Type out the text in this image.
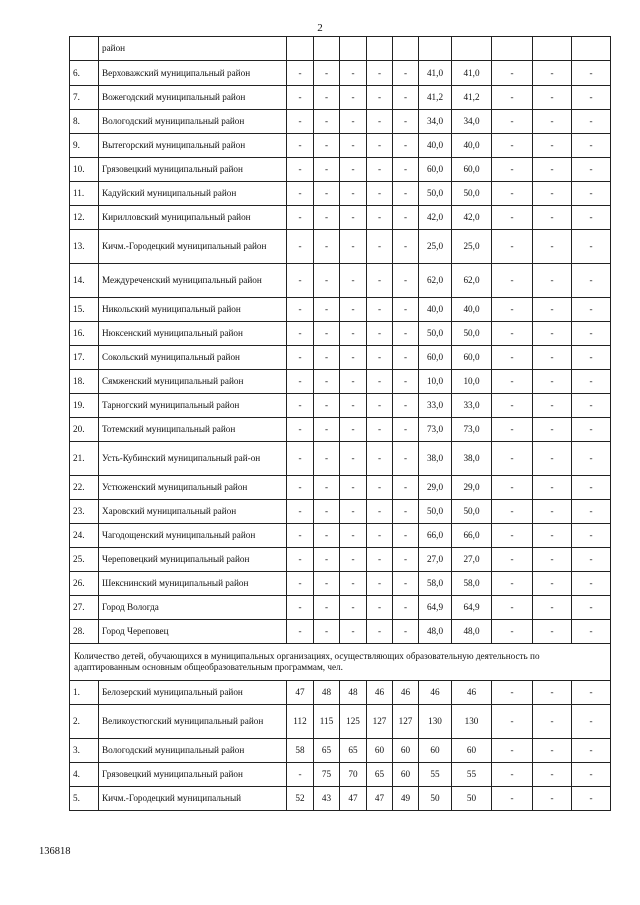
2
	район										
6.	Верховажский муниципальный район	-	-	-	-	-	41,0	41,0	-	-	-
7.	Вожегодский муниципальный район	-	-	-	-	-	41,2	41,2	-	-	-
8.	Вологодский муниципальный район	-	-	-	-	-	34,0	34,0	-	-	-
9.	Вытегорский муниципальный район	-	-	-	-	-	40,0	40,0	-	-	-
10.	Грязовецкий муниципальный район	-	-	-	-	-	60,0	60,0	-	-	-
11.	Кадуйский муниципальный район	-	-	-	-	-	50,0	50,0	-	-	-
12.	Кирилловский муниципальный район	-	-	-	-	-	42,0	42,0	-	-	-
13.	Кичм.-Городецкий муниципальный район	-	-	-	-	-	25,0	25,0	-	-	-
14.	Междуреченский муниципальный район	-	-	-	-	-	62,0	62,0	-	-	-
15.	Никольский муниципальный район	-	-	-	-	-	40,0	40,0	-	-	-
16.	Нюксенский муниципальный район	-	-	-	-	-	50,0	50,0	-	-	-
17.	Сокольский муниципальный район	-	-	-	-	-	60,0	60,0	-	-	-
18.	Сямженский муниципальный район	-	-	-	-	-	10,0	10,0	-	-	-
19.	Тарногский муниципальный район	-	-	-	-	-	33,0	33,0	-	-	-
20.	Тотемский муниципальный район	-	-	-	-	-	73,0	73,0	-	-	-
21.	Усть-Кубинский муниципальный рай-он	-	-	-	-	-	38,0	38,0	-	-	-
22.	Устюженский муниципальный район	-	-	-	-	-	29,0	29,0	-	-	-
23.	Харовский муниципальный район	-	-	-	-	-	50,0	50,0	-	-	-
24.	Чагодощенский муниципальный район	-	-	-	-	-	66,0	66,0	-	-	-
25.	Череповецкий муниципальный район	-	-	-	-	-	27,0	27,0	-	-	-
26.	Шекснинский муниципальный район	-	-	-	-	-	58,0	58,0	-	-	-
27.	Город Вологда	-	-	-	-	-	64,9	64,9	-	-	-
28.	Город Череповец	-	-	-	-	-	48,0	48,0	-	-	-
Количество детей, обучающихся в муниципальных организациях, осуществляющих образовательную деятельность по адаптированным основным общеобразовательным программам, чел.											
1.	Белозерский муниципальный район	47	48	48	46	46	46	46	-	-	-
2.	Великоустюгский муниципальный район	112	115	125	127	127	130	130	-	-	-
3.	Вологодский муниципальный район	58	65	65	60	60	60	60	-	-	-
4.	Грязовецкий муниципальный район	-	75	70	65	60	55	55	-	-	-
5.	Кичм.-Городецкий муниципальный	52	43	47	47	49	50	50	-	-	-
136818
